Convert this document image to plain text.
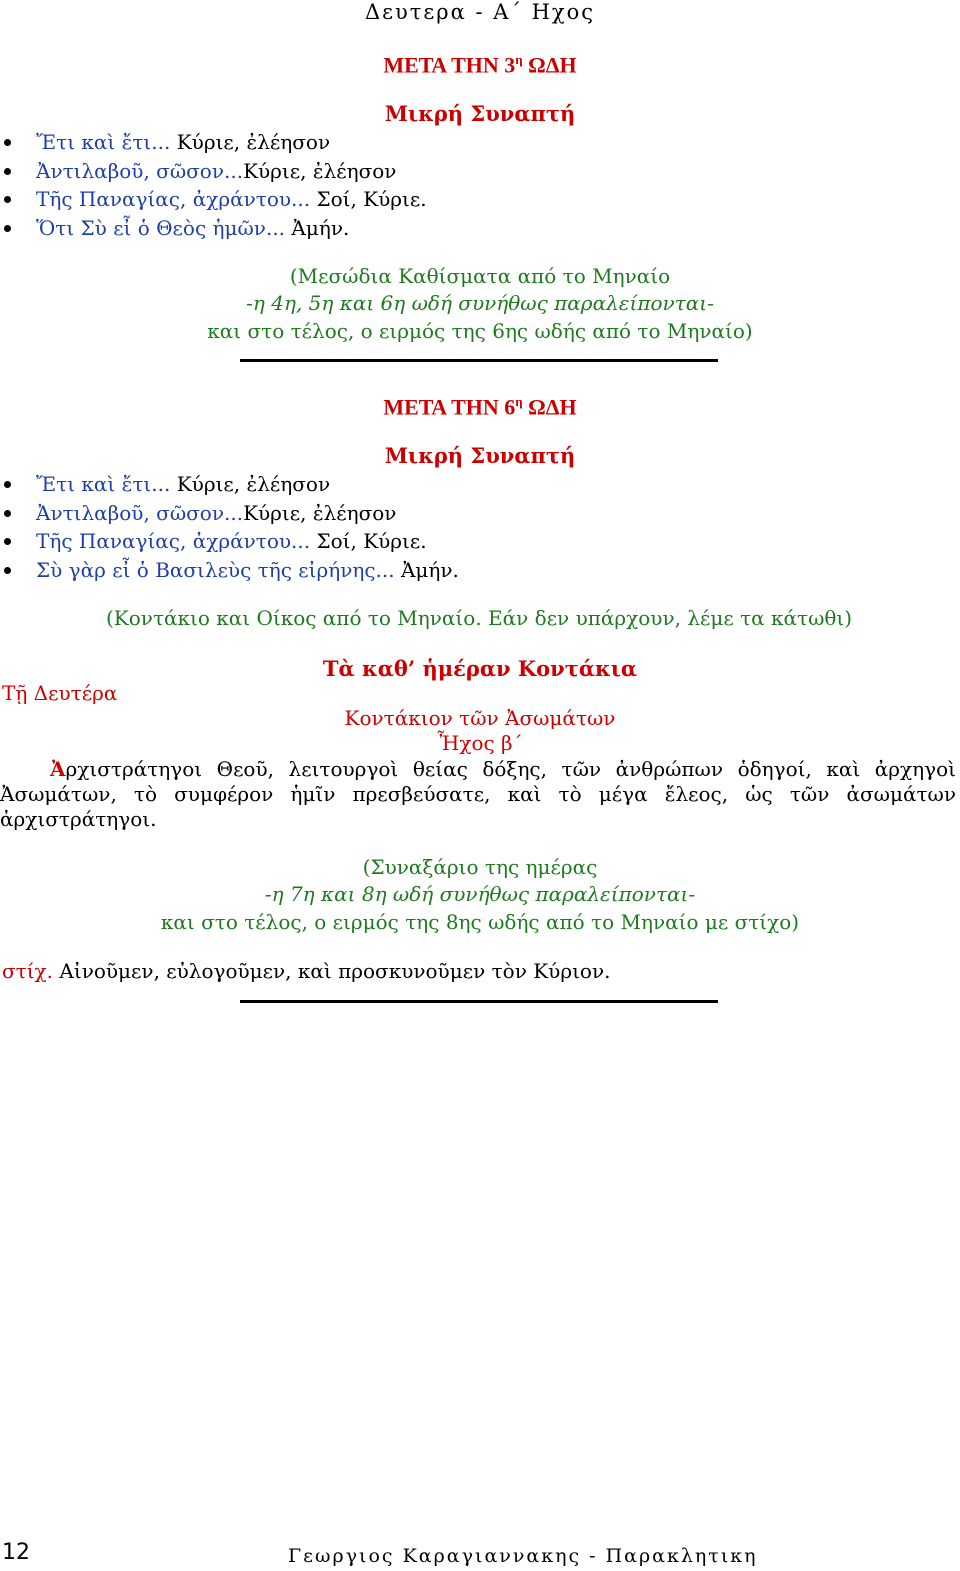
Δευτερα - Α΄ Ηχος
ΜΕΤΑ ΤΗΝ $3^\eta$ ΩΔΗ
Μικρή Συναπτή
Ἔτι καὶ ἔτι... Κύριε, ἐλέησον
Ἀντιλαβοῦ, σῶσον...Κύριε, ἐλέησον
Τῆς Παναγίας, ἀχράντου... Σοί, Κύριε.
Ὅτι Σὺ εἶ ὁ Θεὸς ἡμῶν... Ἀμήν.
(Μεσώδια Καθίσματα από το Μηναίο
-η 4η, 5η και 6η ωδή συνήθως παραλείπονται-
και στο τέλος, ο ειρμός της 6ης ωδής από το Μηναίο)
ΜΕΤΑ ΤΗΝ $6^\eta$ ΩΔΗ
Μικρή Συναπτή
Ἔτι καὶ ἔτι... Κύριε, ἐλέησον
Ἀντιλαβοῦ, σῶσον...Κύριε, ἐλέησον
Τῆς Παναγίας, ἀχράντου... Σοί, Κύριε.
Σὺ γὰρ εἶ ὁ Βασιλεὺς τῆς εἰρήνης... Ἀμήν.
(Κοντάκιο και Οίκος από το Μηναίο. Εάν δεν υπάρχουν, λέμε τα κάτωθι)
Τὰ καθ’ ἡμέραν Κοντάκια
Τῇ Δευτέρα
Κοντάκιον τῶν Ἀσωμάτων
Ἦχος β΄
Ἀρχιστράτηγοι Θεοῦ, λειτουργοὶ θείας δόξης, τῶν ἀνθρώπων ὁδηγοί, καὶ ἀρχηγοὶ Ἀσωμάτων, τὸ συμφέρον ἡμῖν πρεσβεύσατε, καὶ τὸ μέγα ἔλεος, ὡς τῶν ἀσωμάτων ἀρχιστράτηγοι.
(Συναξάριο της ημέρας
-η 7η και 8η ωδή συνήθως παραλείπονται-
και στο τέλος, ο ειρμός της 8ης ωδής από το Μηναίο με στίχο)
στίχ. Αἰνοῦμεν, εὐλογοῦμεν, καὶ προσκυνοῦμεν τὸν Κύριον.
12	Γεωργιος Καραγιαννακης - Παρακλητικη
